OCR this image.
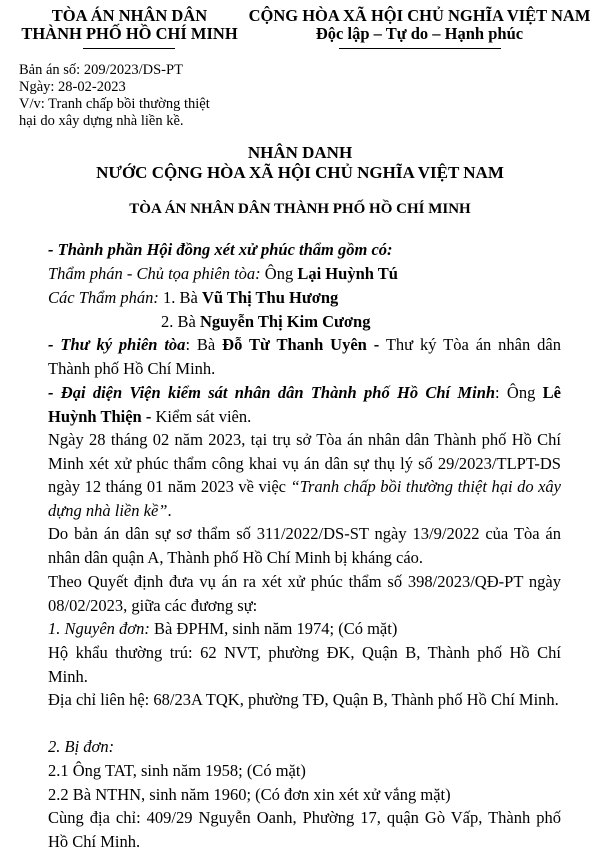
TÒA ÁN NHÂN DÂN
THÀNH PHỐ HỒ CHÍ MINH
CỘNG HÒA XÃ HỘI CHỦ NGHĨA VIỆT NAM
Độc lập – Tự do – Hạnh phúc
Bản án số: 209/2023/DS-PT
Ngày: 28-02-2023
V/v: Tranh chấp bồi thường thiệt
hại do xây dựng nhà liền kề.
NHÂN DANH
NƯỚC CỘNG HÒA XÃ HỘI CHỦ NGHĨA VIỆT NAM
TÒA ÁN NHÂN DÂN THÀNH PHỐ HỒ CHÍ MINH
- Thành phần Hội đồng xét xử phúc thẩm gồm có:
Thẩm phán - Chủ tọa phiên tòa: Ông Lại Huỳnh Tú
Các Thẩm phán: 1. Bà Vũ Thị Thu Hương
2. Bà Nguyễn Thị Kim Cương
- Thư ký phiên tòa: Bà Đỗ Từ Thanh Uyên - Thư ký Tòa án nhân dân Thành phố Hồ Chí Minh.
- Đại diện Viện kiểm sát nhân dân Thành phố Hồ Chí Minh: Ông Lê Huỳnh Thiện - Kiểm sát viên.
Ngày 28 tháng 02 năm 2023, tại trụ sở Tòa án nhân dân Thành phố Hồ Chí Minh xét xử phúc thẩm công khai vụ án dân sự thụ lý số 29/2023/TLPT-DS ngày 12 tháng 01 năm 2023 về việc “Tranh chấp bồi thường thiệt hại do xây dựng nhà liền kề”.
Do bản án dân sự sơ thẩm số 311/2022/DS-ST ngày 13/9/2022 của Tòa án nhân dân quận A, Thành phố Hồ Chí Minh bị kháng cáo.
Theo Quyết định đưa vụ án ra xét xử phúc thẩm số 398/2023/QĐ-PT ngày 08/02/2023, giữa các đương sự:
1. Nguyên đơn: Bà ĐPHM, sinh năm 1974; (Có mặt)
Hộ khẩu thường trú: 62 NVT, phường ĐK, Quận B, Thành phố Hồ Chí Minh.
Địa chỉ liên hệ: 68/23A TQK, phường TĐ, Quận B, Thành phố Hồ Chí Minh.
2. Bị đơn:
2.1 Ông TAT, sinh năm 1958; (Có mặt)
2.2 Bà NTHN, sinh năm 1960; (Có đơn xin xét xử vắng mặt)
Cùng địa chỉ: 409/29 Nguyễn Oanh, Phường 17, quận Gò Vấp, Thành phố Hồ Chí Minh.
